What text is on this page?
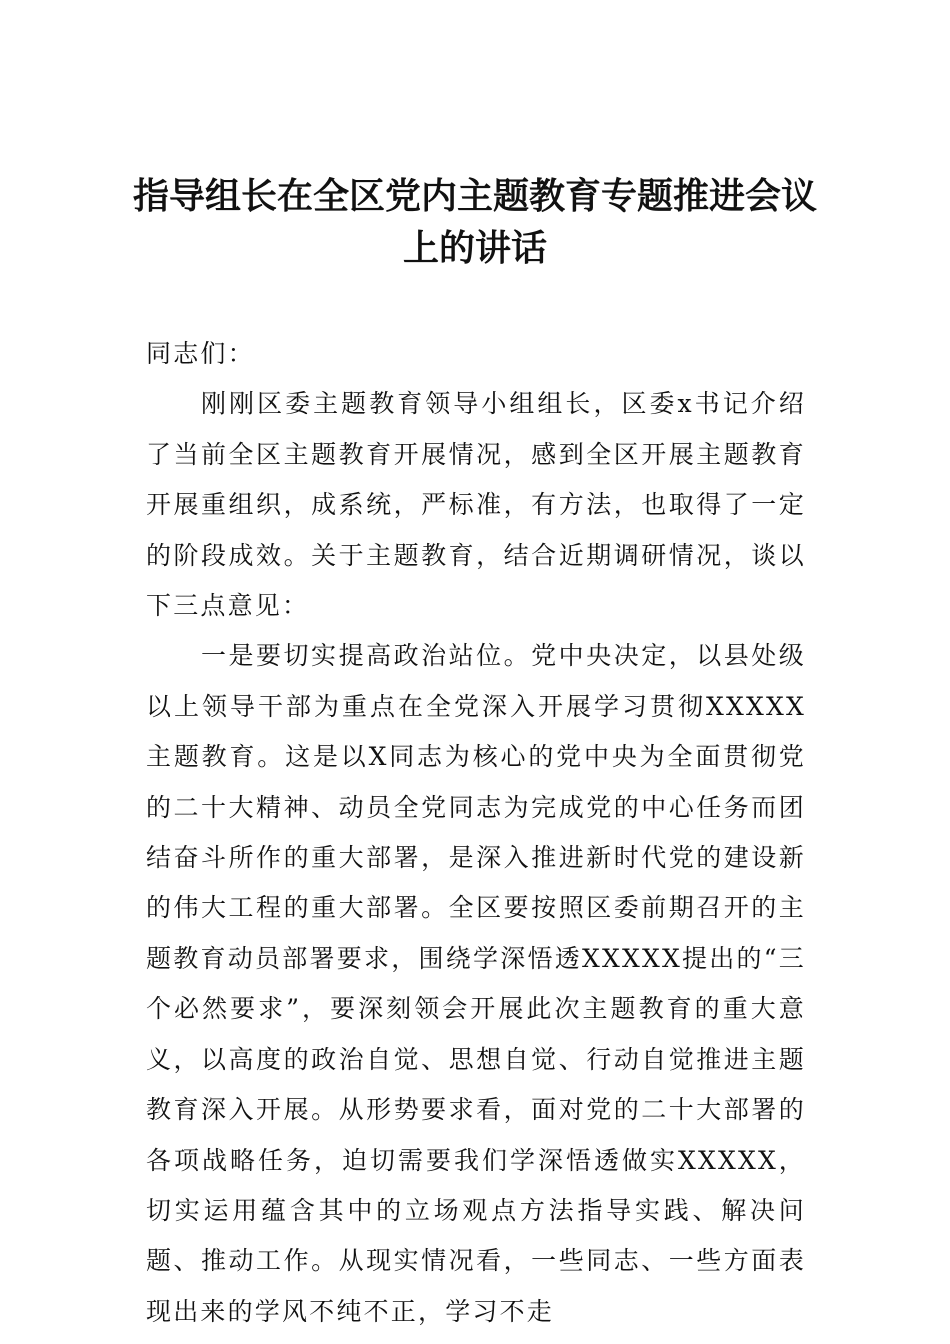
指导组长在全区党内主题教育专题推进会议上的讲话

同志们：

刚刚区委主题教育领导小组组长，区委x书记介绍了当前全区主题教育开展情况，感到全区开展主题教育开展重组织，成系统，严标准，有方法，也取得了一定的阶段成效。关于主题教育，结合近期调研情况，谈以下三点意见：

一是要切实提高政治站位。党中央决定，以县处级以上领导干部为重点在全党深入开展学习贯彻XXXXX主题教育。这是以X同志为核心的党中央为全面贯彻党的二十大精神、动员全党同志为完成党的中心任务而团结奋斗所作的重大部署，是深入推进新时代党的建设新的伟大工程的重大部署。全区要按照区委前期召开的主题教育动员部署要求，围绕学深悟透XXXXX提出的“三个必然要求”，要深刻领会开展此次主题教育的重大意义，以高度的政治自觉、思想自觉、行动自觉推进主题教育深入开展。从形势要求看，面对党的二十大部署的各项战略任务，迫切需要我们学深悟透做实XXXXX，切实运用蕴含其中的立场观点方法指导实践、解决问题、推动工作。从现实情况看，一些同志、一些方面表现出来的学风不纯不正，学习不走
